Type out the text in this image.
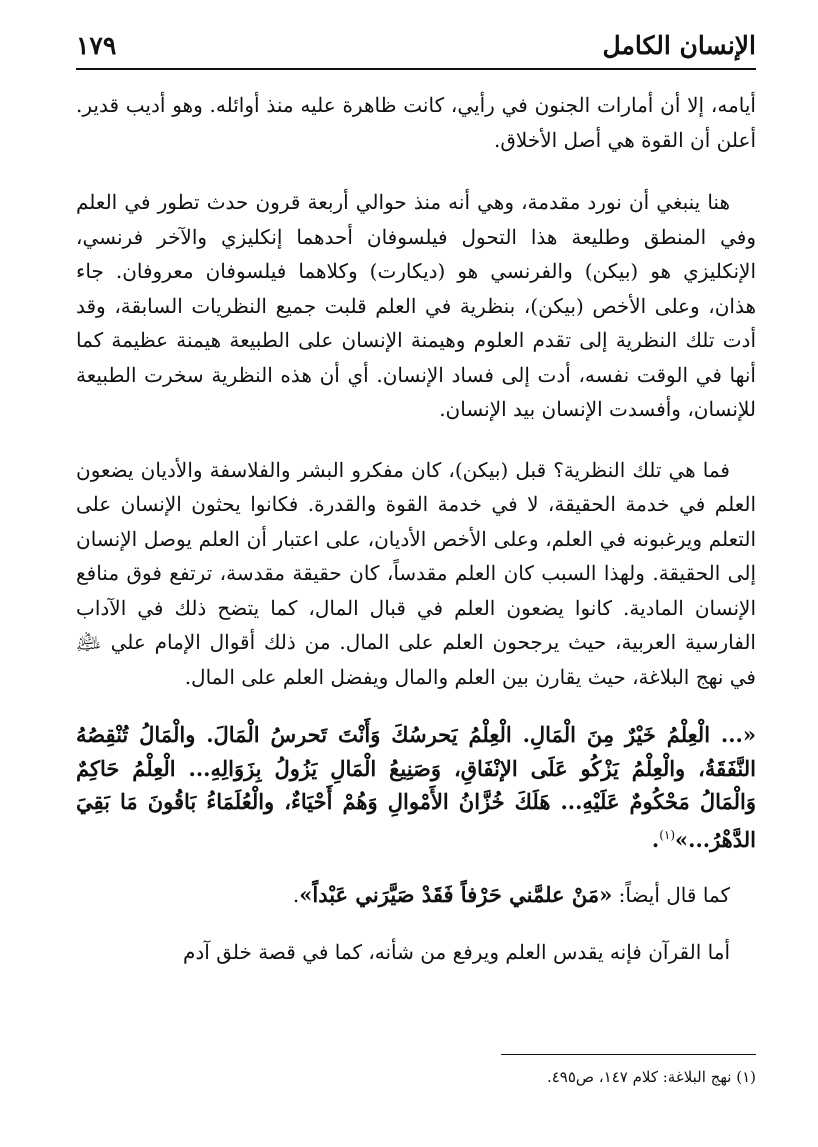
الإنسان الكامل
١٧٩

أيامه، إلا أن أمارات الجنون في رأيي، كانت ظاهرة عليه منذ أوائله. وهو أديب قدير. أعلن أن القوة هي أصل الأخلاق.

هنا ينبغي أن نورد مقدمة، وهي أنه منذ حوالي أربعة قرون حدث تطور في العلم وفي المنطق وطليعة هذا التحول فيلسوفان أحدهما إنكليزي والآخر فرنسي، الإنكليزي هو (بيكن) والفرنسي هو (ديكارت) وكلاهما فيلسوفان معروفان. جاء هذان، وعلى الأخص (بيكن)، بنظرية في العلم قلبت جميع النظريات السابقة، وقد أدت تلك النظرية إلى تقدم العلوم وهيمنة الإنسان على الطبيعة هيمنة عظيمة كما أنها في الوقت نفسه، أدت إلى فساد الإنسان. أي أن هذه النظرية سخرت الطبيعة للإنسان، وأفسدت الإنسان بيد الإنسان.

فما هي تلك النظرية؟ قبل (بيكن)، كان مفكرو البشر والفلاسفة والأديان يضعون العلم في خدمة الحقيقة، لا في خدمة القوة والقدرة. فكانوا يحثون الإنسان على التعلم ويرغبونه في العلم، وعلى الأخص الأديان، على اعتبار أن العلم يوصل الإنسان إلى الحقيقة. ولهذا السبب كان العلم مقدساً، كان حقيقة مقدسة، ترتفع فوق منافع الإنسان المادية. كانوا يضعون العلم في قبال المال، كما يتضح ذلك في الآداب الفارسية العربية، حيث يرجحون العلم على المال. من ذلك أقوال الإمام علي ﵇ في نهج البلاغة، حيث يقارن بين العلم والمال ويفضل العلم على المال.

«... الْعِلْمُ خَيْرٌ مِنَ الْمَالِ. الْعِلْمُ يَحرسُكَ وَأَنْتَ تَحرسُ الْمَالَ. والْمَالُ تُنْقِصُهُ النَّفَقَةُ، والْعِلْمُ يَزْكُو عَلَى الإنْفَاقِ، وَصَنِيعُ الْمَالِ يَزُولُ بِزَوَالِهِ... الْعِلْمُ حَاكِمٌ وَالْمَالُ مَحْكُومٌ عَلَيْهِ... هَلَكَ خُزَّانُ الأَمْوالِ وَهُمْ أَحْيَاءٌ، والْعُلَمَاءُ بَاقُونَ مَا بَقِيَ الدَّهْرُ...»$^{(١)}$.

كما قال أيضاً: «مَنْ علمَّني حَرْفاً فَقَدْ صَيَّرَني عَبْداً».

أما القرآن فإنه يقدس العلم ويرفع من شأنه، كما في قصة خلق آدم

(١) نهج البلاغة: كلام ١٤٧، ص٤٩٥.
